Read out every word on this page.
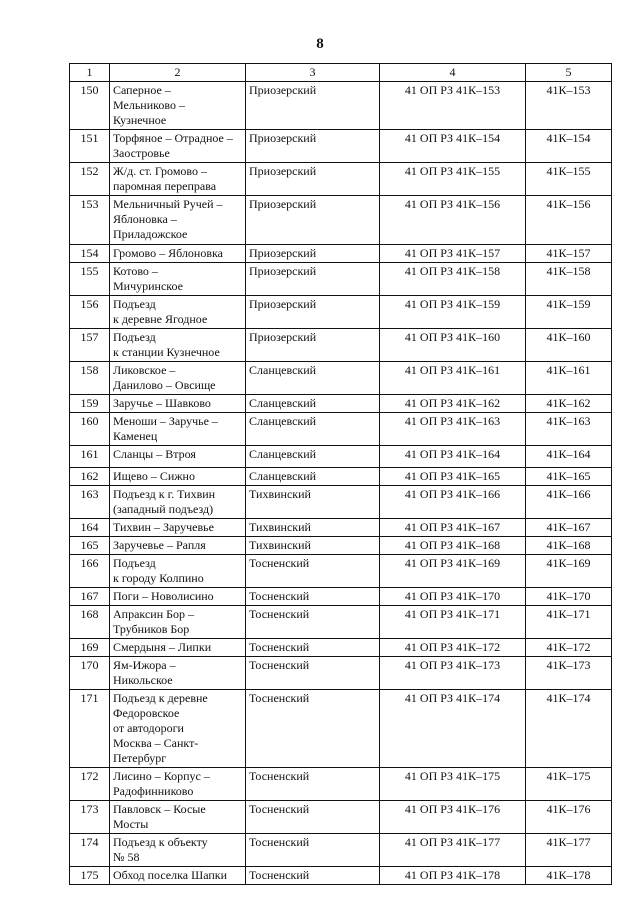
8
1	2	3	4	5
150	Саперное –
Мельниково –
Кузнечное	Приозерский	41 ОП РЗ 41К–153	41К–153
151	Торфяное – Отрадное –
Заостровье	Приозерский	41 ОП РЗ 41К–154	41К–154
152	Ж/д. ст. Громово –
паромная переправа	Приозерский	41 ОП РЗ 41К–155	41К–155
153	Мельничный Ручей –
Яблоновка –
Приладожское	Приозерский	41 ОП РЗ 41К–156	41К–156
154	Громово – Яблоновка	Приозерский	41 ОП РЗ 41К–157	41К–157
155	Котово –
Мичуринское	Приозерский	41 ОП РЗ 41К–158	41К–158
156	Подъезд
к деревне Ягодное	Приозерский	41 ОП РЗ 41К–159	41К–159
157	Подъезд
к станции Кузнечное	Приозерский	41 ОП РЗ 41К–160	41К–160
158	Ликовское –
Данилово – Овсище	Сланцевский	41 ОП РЗ 41К–161	41К–161
159	Заручье – Шавково	Сланцевский	41 ОП РЗ 41К–162	41К–162
160	Меноши – Заручье –
Каменец	Сланцевский	41 ОП РЗ 41К–163	41К–163
161	Сланцы – Втроя	Сланцевский	41 ОП РЗ 41К–164	41К–164
162	Ищево – Сижно	Сланцевский	41 ОП РЗ 41К–165	41К–165
163	Подъезд к г. Тихвин
(западный подъезд)	Тихвинский	41 ОП РЗ 41К–166	41К–166
164	Тихвин – Заручевье	Тихвинский	41 ОП РЗ 41К–167	41К–167
165	Заручевье – Рапля	Тихвинский	41 ОП РЗ 41К–168	41К–168
166	Подъезд
к городу Колпино	Тосненский	41 ОП РЗ 41К–169	41К–169
167	Поги – Новолисино	Тосненский	41 ОП РЗ 41К–170	41К–170
168	Апраксин Бор –
Трубников Бор	Тосненский	41 ОП РЗ 41К–171	41К–171
169	Смердыня – Липки	Тосненский	41 ОП РЗ 41К–172	41К–172
170	Ям-Ижора –
Никольское	Тосненский	41 ОП РЗ 41К–173	41К–173
171	Подъезд к деревне
Федоровское
от автодороги
Москва – Санкт-
Петербург	Тосненский	41 ОП РЗ 41К–174	41К–174
172	Лисино – Корпус –
Радофинниково	Тосненский	41 ОП РЗ 41К–175	41К–175
173	Павловск – Косые
Мосты	Тосненский	41 ОП РЗ 41К–176	41К–176
174	Подъезд к объекту
№ 58	Тосненский	41 ОП РЗ 41К–177	41К–177
175	Обход поселка Шапки	Тосненский	41 ОП РЗ 41К–178	41К–178
